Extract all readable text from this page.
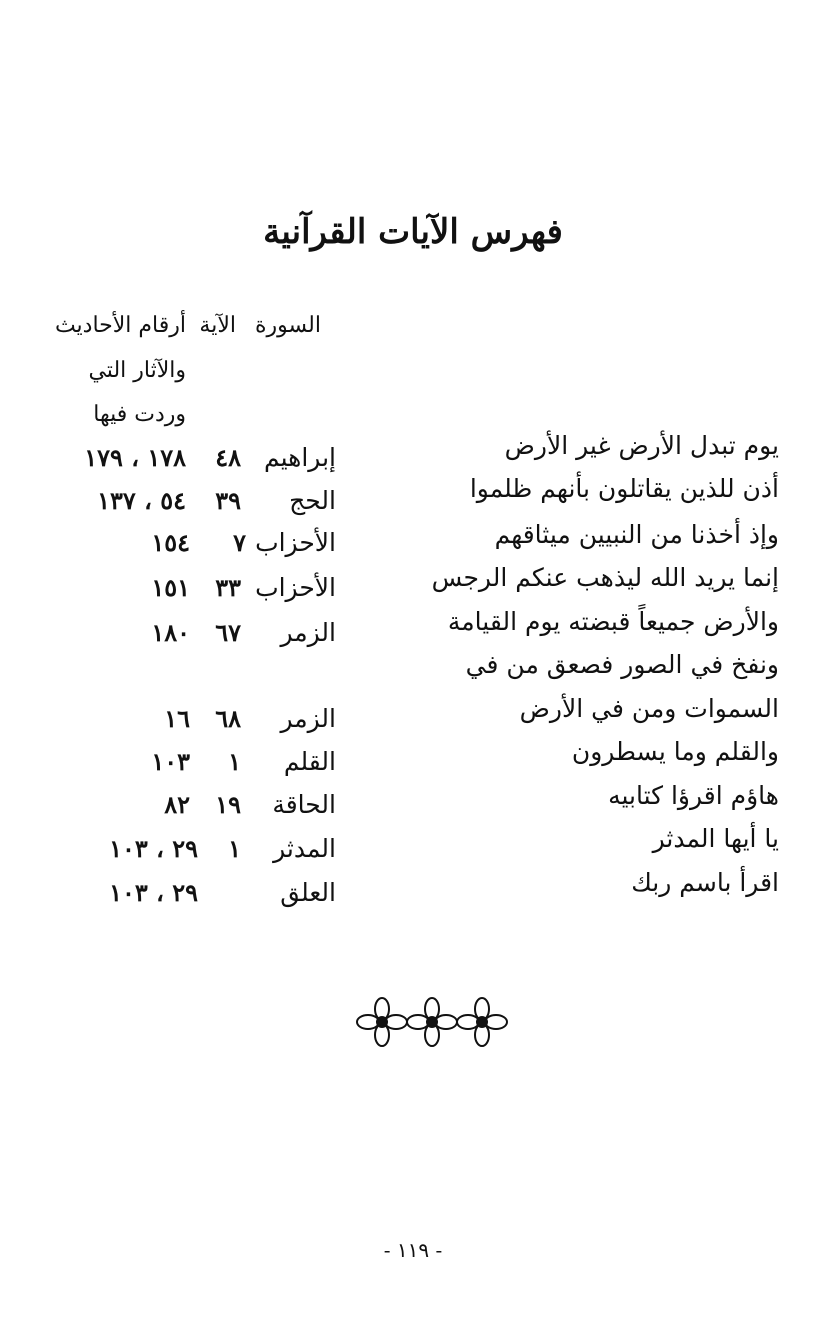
فهرس الآيات القرآنية
السورة
الآية
أرقام الأحاديث
والآثار التي
وردت فيها
يوم تبدل الأرض غير الأرض
إبراهيم
٤٨
١٧٨ ، ١٧٩
أذن للذين يقاتلون بأنهم ظلموا
الحج
٣٩
٥٤ ، ١٣٧
وإذ أخذنا من النبيين ميثاقهم
الأحزاب
٧
١٥٤
إنما يريد الله ليذهب عنكم الرجس
الأحزاب
٣٣
١٥١
والأرض جميعاً قبضته يوم القيامة
الزمر
٦٧
١٨٠
ونفخ في الصور فصعق من في
السموات ومن في الأرض
الزمر
٦٨
١٦
والقلم وما يسطرون
القلم
١
١٠٣
هاؤم اقرؤا كتابيه
الحاقة
١٩
٨٢
يا أيها المدثر
المدثر
١
٢٩ ، ١٠٣
اقرأ باسم ربك
العلق
٢٩ ، ١٠٣
- ١١٩ -
